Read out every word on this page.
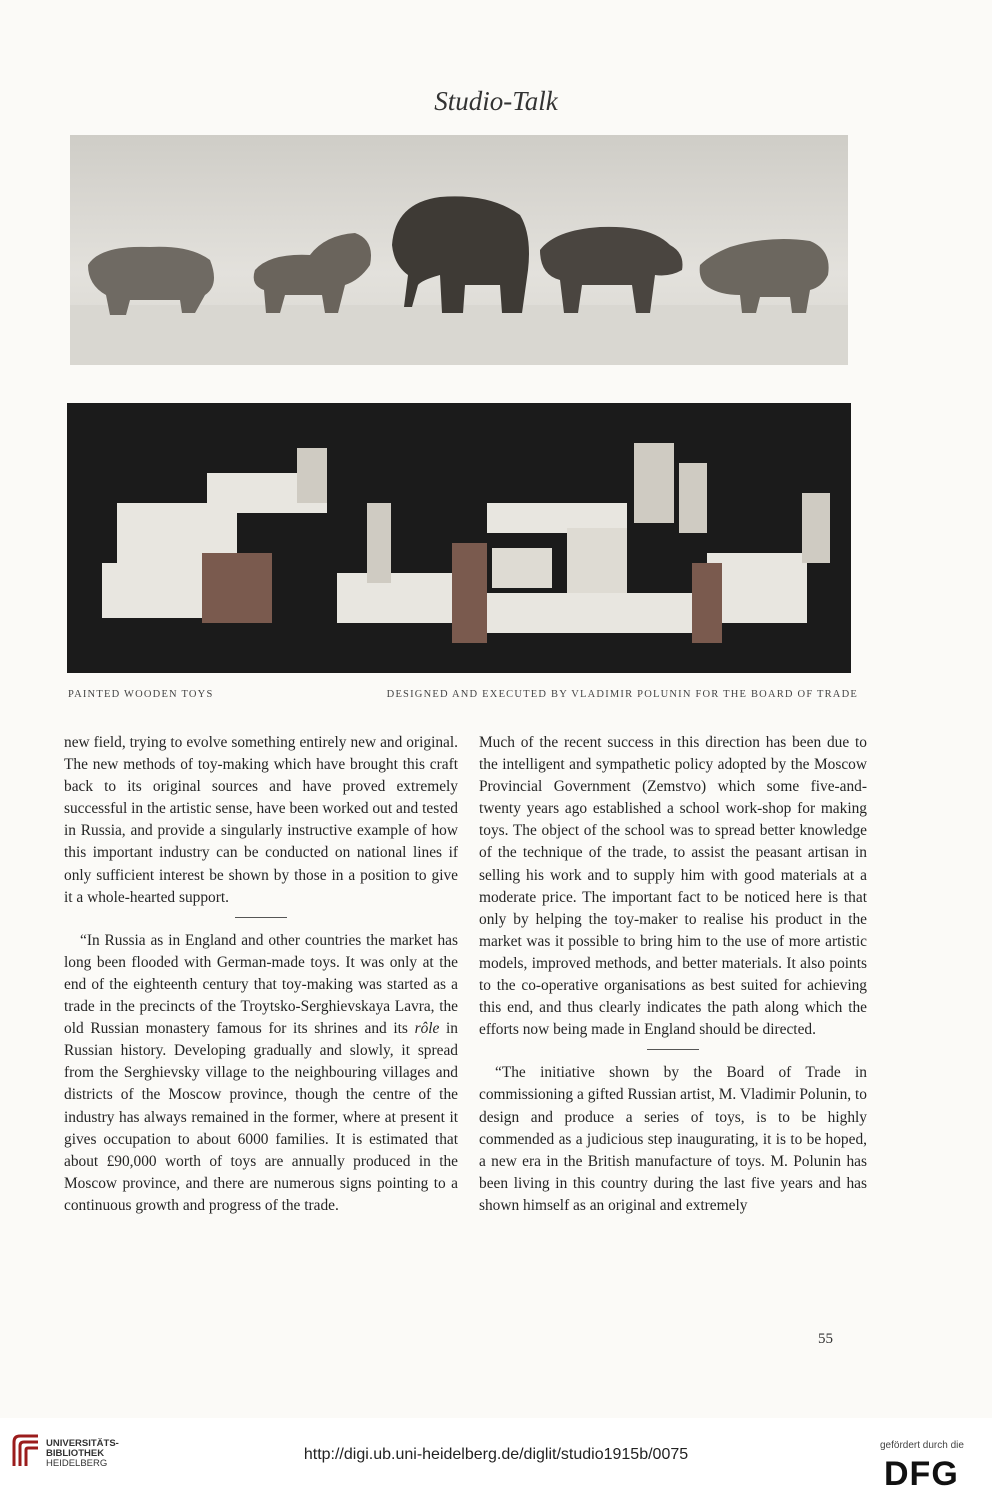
Studio-Talk
PAINTED WOODEN TOYS	DESIGNED AND EXECUTED BY VLADIMIR POLUNIN FOR THE BOARD OF TRADE

new field, trying to evolve something entirely new and original. The new methods of toy-making which have brought this craft back to its original sources and have proved extremely successful in the artistic sense, have been worked out and tested in Russia, and provide a singularly instructive example of how this important industry can be conducted on national lines if only sufficient interest be shown by those in a position to give it a whole-hearted support.

“In Russia as in England and other countries the market has long been flooded with German-made toys. It was only at the end of the eighteenth century that toy-making was started as a trade in the precincts of the Troytsko-Serghievskaya Lavra, the old Russian monastery famous for its shrines and its rôle in Russian history. Developing gradually and slowly, it spread from the Serghievsky village to the neighbouring villages and districts of the Moscow province, though the centre of the industry has always remained in the former, where at present it gives occupation to about 6000 families. It is estimated that about £90,000 worth of toys are annually produced in the Moscow province, and there are numerous signs pointing to a continuous growth and progress of the trade.

Much of the recent success in this direction has been due to the intelligent and sympathetic policy adopted by the Moscow Provincial Government (Zemstvo) which some five-and-twenty years ago established a school work-shop for making toys. The object of the school was to spread better knowledge of the technique of the trade, to assist the peasant artisan in selling his work and to supply him with good materials at a moderate price. The important fact to be noticed here is that only by helping the toy-maker to realise his product in the market was it possible to bring him to the use of more artistic models, improved methods, and better materials. It also points to the co-operative organisations as best suited for achieving this end, and thus clearly indicates the path along which the efforts now being made in England should be directed.

“The initiative shown by the Board of Trade in commissioning a gifted Russian artist, M. Vladimir Polunin, to design and produce a series of toys, is to be highly commended as a judicious step inaugurating, it is to be hoped, a new era in the British manufacture of toys. M. Polunin has been living in this country during the last five years and has shown himself as an original and extremely

55
UNIVERSITÄTS-
BIBLIOTHEK
HEIDELBERG
http://digi.ub.uni-heidelberg.de/diglit/studio1915b/0075
gefördert durch die
DFG
